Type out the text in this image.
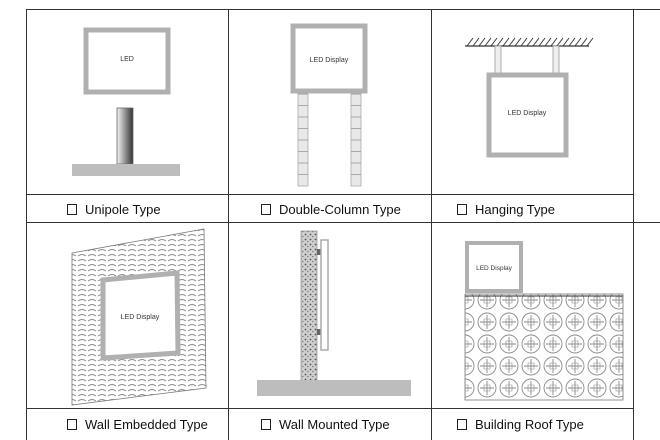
LED
Unipole Type
LED Display
Double-Column Type
LED Display
Hanging Type
LED Display
Wall Embedded Type	Wall Mounted Type
LED Display
Building Roof Type
